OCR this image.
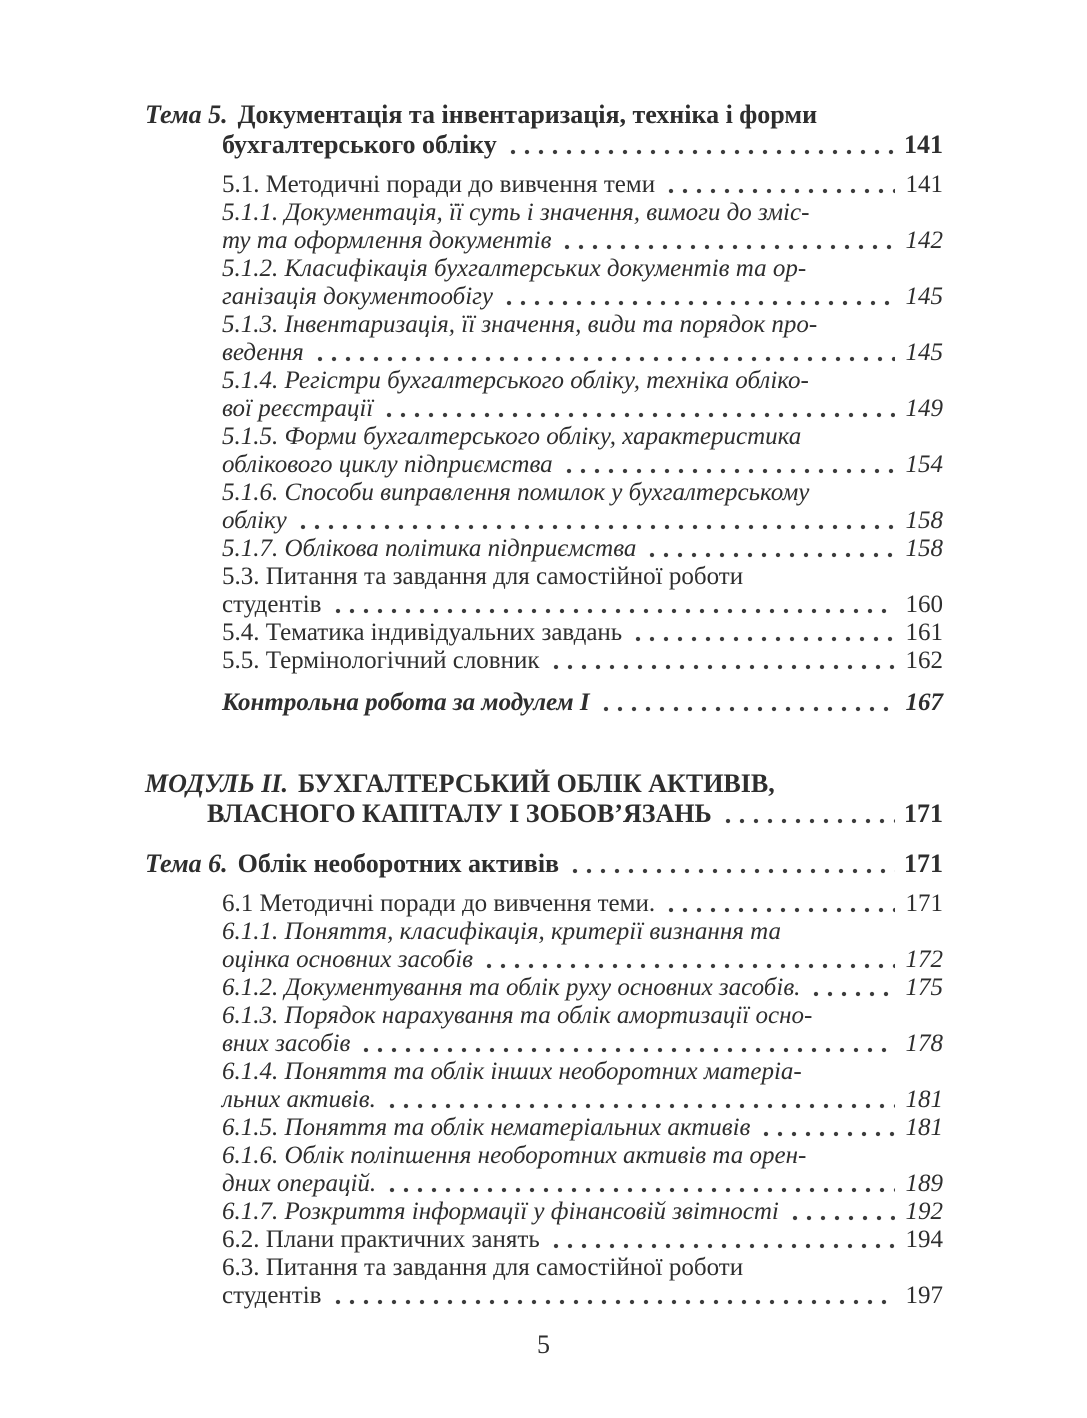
Тема 5. Документація та інвентаризація, техніка і форми
бухгалтерського обліку	141
5.1. Методичні поради до вивчення теми	141
5.1.1. Документація, її суть і значення, вимоги до зміс-
ту та оформлення документів	142
5.1.2. Класифікація бухгалтерських документів та ор-
ганізація документообігу	145
5.1.3. Інвентаризація, її значення, види та порядок про-
ведення	145
5.1.4. Регістри бухгалтерського обліку, техніка обліко-
вої реєстрації	149
5.1.5. Форми бухгалтерського обліку, характеристика
облікового циклу підприємства	154
5.1.6. Способи виправлення помилок у бухгалтерському
обліку	158
5.1.7. Облікова політика підприємства	158
5.3. Питання та завдання для самостійної роботи
студентів	160
5.4. Тематика індивідуальних завдань	161
5.5. Термінологічний словник	162
Контрольна робота за модулем І	167
МОДУЛЬ ІІ. БУХГАЛТЕРСЬКИЙ ОБЛІК АКТИВІВ,
ВЛАСНОГО КАПІТАЛУ І ЗОБОВ’ЯЗАНЬ	171
Тема 6. Облік необоротних активів	171
6.1 Методичні поради до вивчення теми.	171
6.1.1. Поняття, класифікація, критерії визнання та
оцінка основних засобів	172
6.1.2. Документування та облік руху основних засобів.	175
6.1.3. Порядок нарахування та облік амортизації осно-
вних засобів	178
6.1.4. Поняття та облік інших необоротних матеріа-
льних активів.	181
6.1.5. Поняття та облік нематеріальних активів	181
6.1.6. Облік поліпшення необоротних активів та орен-
дних операцій.	189
6.1.7. Розкриття інформації у фінансовій звітності	192
6.2. Плани практичних занять	194
6.3. Питання та завдання для самостійної роботи
студентів	197
5
